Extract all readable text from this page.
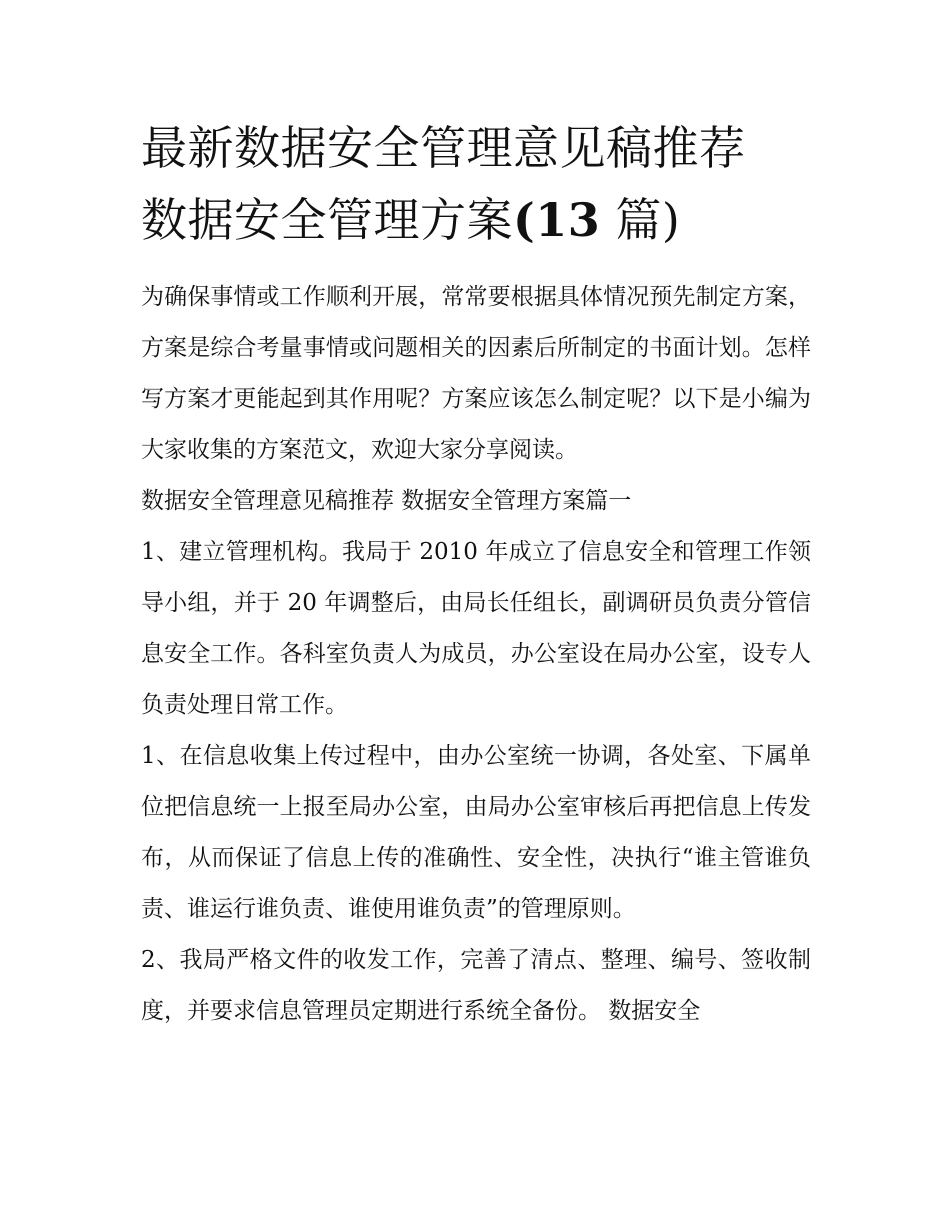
最新数据安全管理意见稿推荐
数据安全管理方案(13 篇)

为确保事情或工作顺利开展，常常要根据具体情况预先制定方案，方案是综合考量事情或问题相关的因素后所制定的书面计划。怎样写方案才更能起到其作用呢？方案应该怎么制定呢？以下是小编为大家收集的方案范文，欢迎大家分享阅读。

数据安全管理意见稿推荐 数据安全管理方案篇一

1、建立管理机构。我局于 2010 年成立了信息安全和管理工作领导小组，并于 20 年调整后，由局长任组长，副调研员负责分管信息安全工作。各科室负责人为成员，办公室设在局办公室，设专人负责处理日常工作。

1、在信息收集上传过程中，由办公室统一协调，各处室、下属单位把信息统一上报至局办公室，由局办公室审核后再把信息上传发布，从而保证了信息上传的准确性、安全性，决执行“谁主管谁负责、谁运行谁负责、谁使用谁负责”的管理原则。

2、我局严格文件的收发工作，完善了清点、整理、编号、签收制度，并要求信息管理员定期进行系统全备份。 数据安全
